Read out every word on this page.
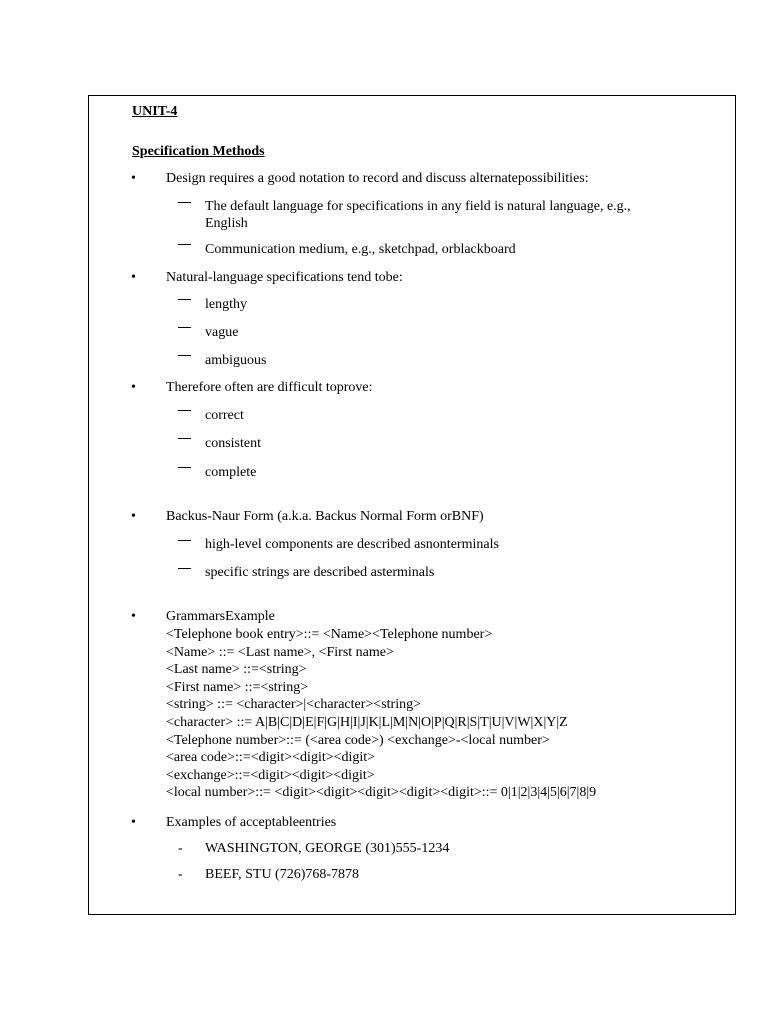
UNIT-4
Specification Methods
• Design requires a good notation to record and discuss alternatepossibilities:
The default language for specifications in any field is natural language, e.g.,
English
Communication medium, e.g., sketchpad, orblackboard
• Natural-language specifications tend tobe:
lengthy
vague
ambiguous
• Therefore often are difficult toprove:
correct
consistent
complete
• Backus-Naur Form (a.k.a. Backus Normal Form orBNF)
high-level components are described asnonterminals
specific strings are described asterminals
• GrammarsExample
<Telephone book entry>::= <Name><Telephone number>
<Name> ::= <Last name>, <First name>
<Last name> ::=<string>
<First name> ::=<string>
<string> ::= <character>|<character><string>
<character> ::= A|B|C|D|E|F|G|H|I|J|K|L|M|N|O|P|Q|R|S|T|U|V|W|X|Y|Z
<Telephone number>::= (<area code>) <exchange>-<local number>
<area code>::=<digit><digit><digit>
<exchange>::=<digit><digit><digit>
<local number>::= <digit><digit><digit><digit><digit>::= 0|1|2|3|4|5|6|7|8|9
• Examples of acceptableentries
- WASHINGTON, GEORGE (301)555-1234
- BEEF, STU (726)768-7878
